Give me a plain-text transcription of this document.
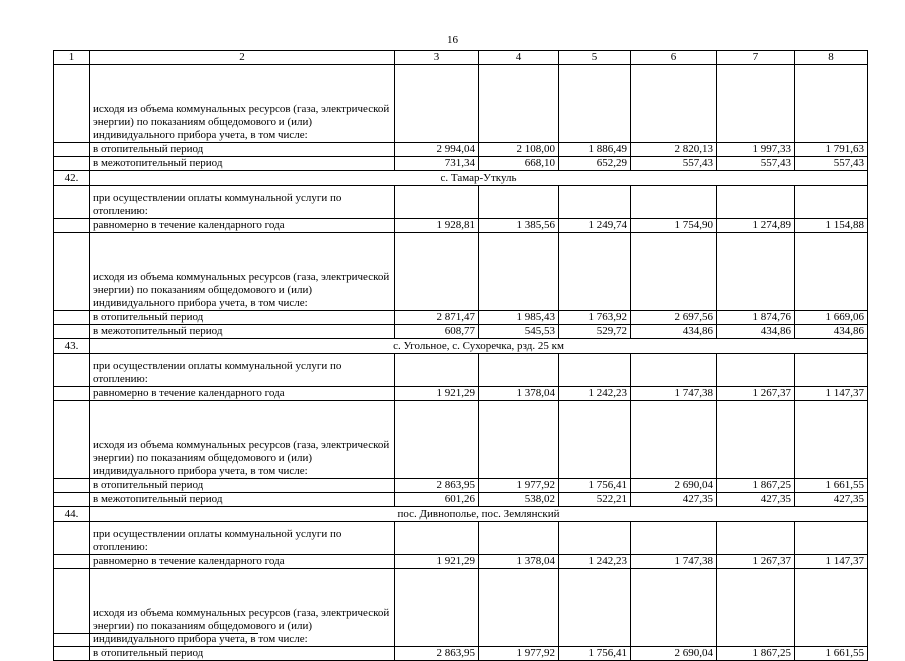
16
1	2	3	4	5	6	7	8
	исходя из объема коммунальных ресурсов (газа, электрической энергии) по показаниям общедомового и (или) индивидуального прибора учета, в том числе:						
	в отопительный период	2 994,04	2 108,00	1 886,49	2 820,13	1 997,33	1 791,63
	в межотопительный период	731,34	668,10	652,29	557,43	557,43	557,43
42.	с. Тамар-Уткуль						
	при осуществлении оплаты коммунальной услуги по отоплению:						
	равномерно в течение календарного года	1 928,81	1 385,56	1 249,74	1 754,90	1 274,89	1 154,88
	исходя из объема коммунальных ресурсов (газа, электрической энергии) по показаниям общедомового и (или) индивидуального прибора учета, в том числе:						
	в отопительный период	2 871,47	1 985,43	1 763,92	2 697,56	1 874,76	1 669,06
	в межотопительный период	608,77	545,53	529,72	434,86	434,86	434,86
43.	с. Угольное, с. Сухоречка, рзд. 25 км						
	при осуществлении оплаты коммунальной услуги по отоплению:						
	равномерно в течение календарного года	1 921,29	1 378,04	1 242,23	1 747,38	1 267,37	1 147,37
	исходя из объема коммунальных ресурсов (газа, электрической энергии) по показаниям общедомового и (или) индивидуального прибора учета, в том числе:						
	в отопительный период	2 863,95	1 977,92	1 756,41	2 690,04	1 867,25	1 661,55
	в межотопительный период	601,26	538,02	522,21	427,35	427,35	427,35
44.	пос. Дивнополье, пос. Землянский						
	при осуществлении оплаты коммунальной услуги по отоплению:						
	равномерно в течение календарного года	1 921,29	1 378,04	1 242,23	1 747,38	1 267,37	1 147,37
	исходя из объема коммунальных ресурсов (газа, электрической энергии) по показаниям общедомового и (или) индивидуального прибора учета, в том числе:						
	в отопительный период	2 863,95	1 977,92	1 756,41	2 690,04	1 867,25	1 661,55
